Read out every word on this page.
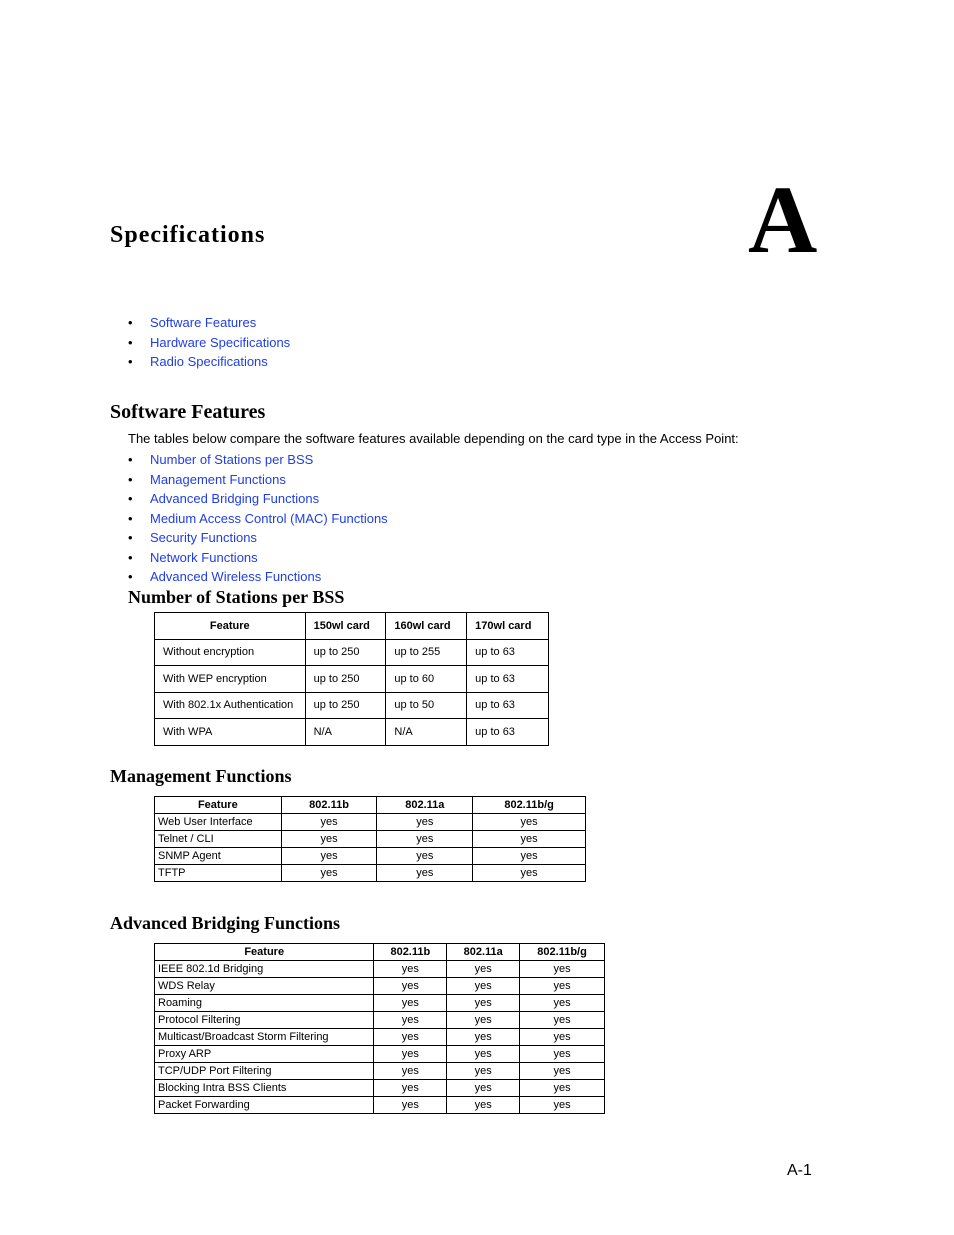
Specifications	A
• Software Features
• Hardware Specifications
• Radio Specifications
Software Features

The tables below compare the software features available depending on the card type in the Access Point:

• Number of Stations per BSS
• Management Functions
• Advanced Bridging Functions
• Medium Access Control (MAC) Functions
• Security Functions
• Network Functions
• Advanced Wireless Functions
Number of Stations per BSS
Feature	150wl card	160wl card	170wl card
Without encryption	up to 250	up to 255	up to 63
With WEP encryption	up to 250	up to 60	up to 63
With 802.1x Authentication	up to 250	up to 50	up to 63
With WPA	N/A	N/A	up to 63
Management Functions
Feature	802.11b	802.11a	802.11b/g
Web User Interface	yes	yes	yes
Telnet / CLI	yes	yes	yes
SNMP Agent	yes	yes	yes
TFTP	yes	yes	yes
Advanced Bridging Functions
Feature	802.11b	802.11a	802.11b/g
IEEE 802.1d Bridging	yes	yes	yes
WDS Relay	yes	yes	yes
Roaming	yes	yes	yes
Protocol Filtering	yes	yes	yes
Multicast/Broadcast Storm Filtering	yes	yes	yes
Proxy ARP	yes	yes	yes
TCP/UDP Port Filtering	yes	yes	yes
Blocking Intra BSS Clients	yes	yes	yes
Packet Forwarding	yes	yes	yes
A-1
